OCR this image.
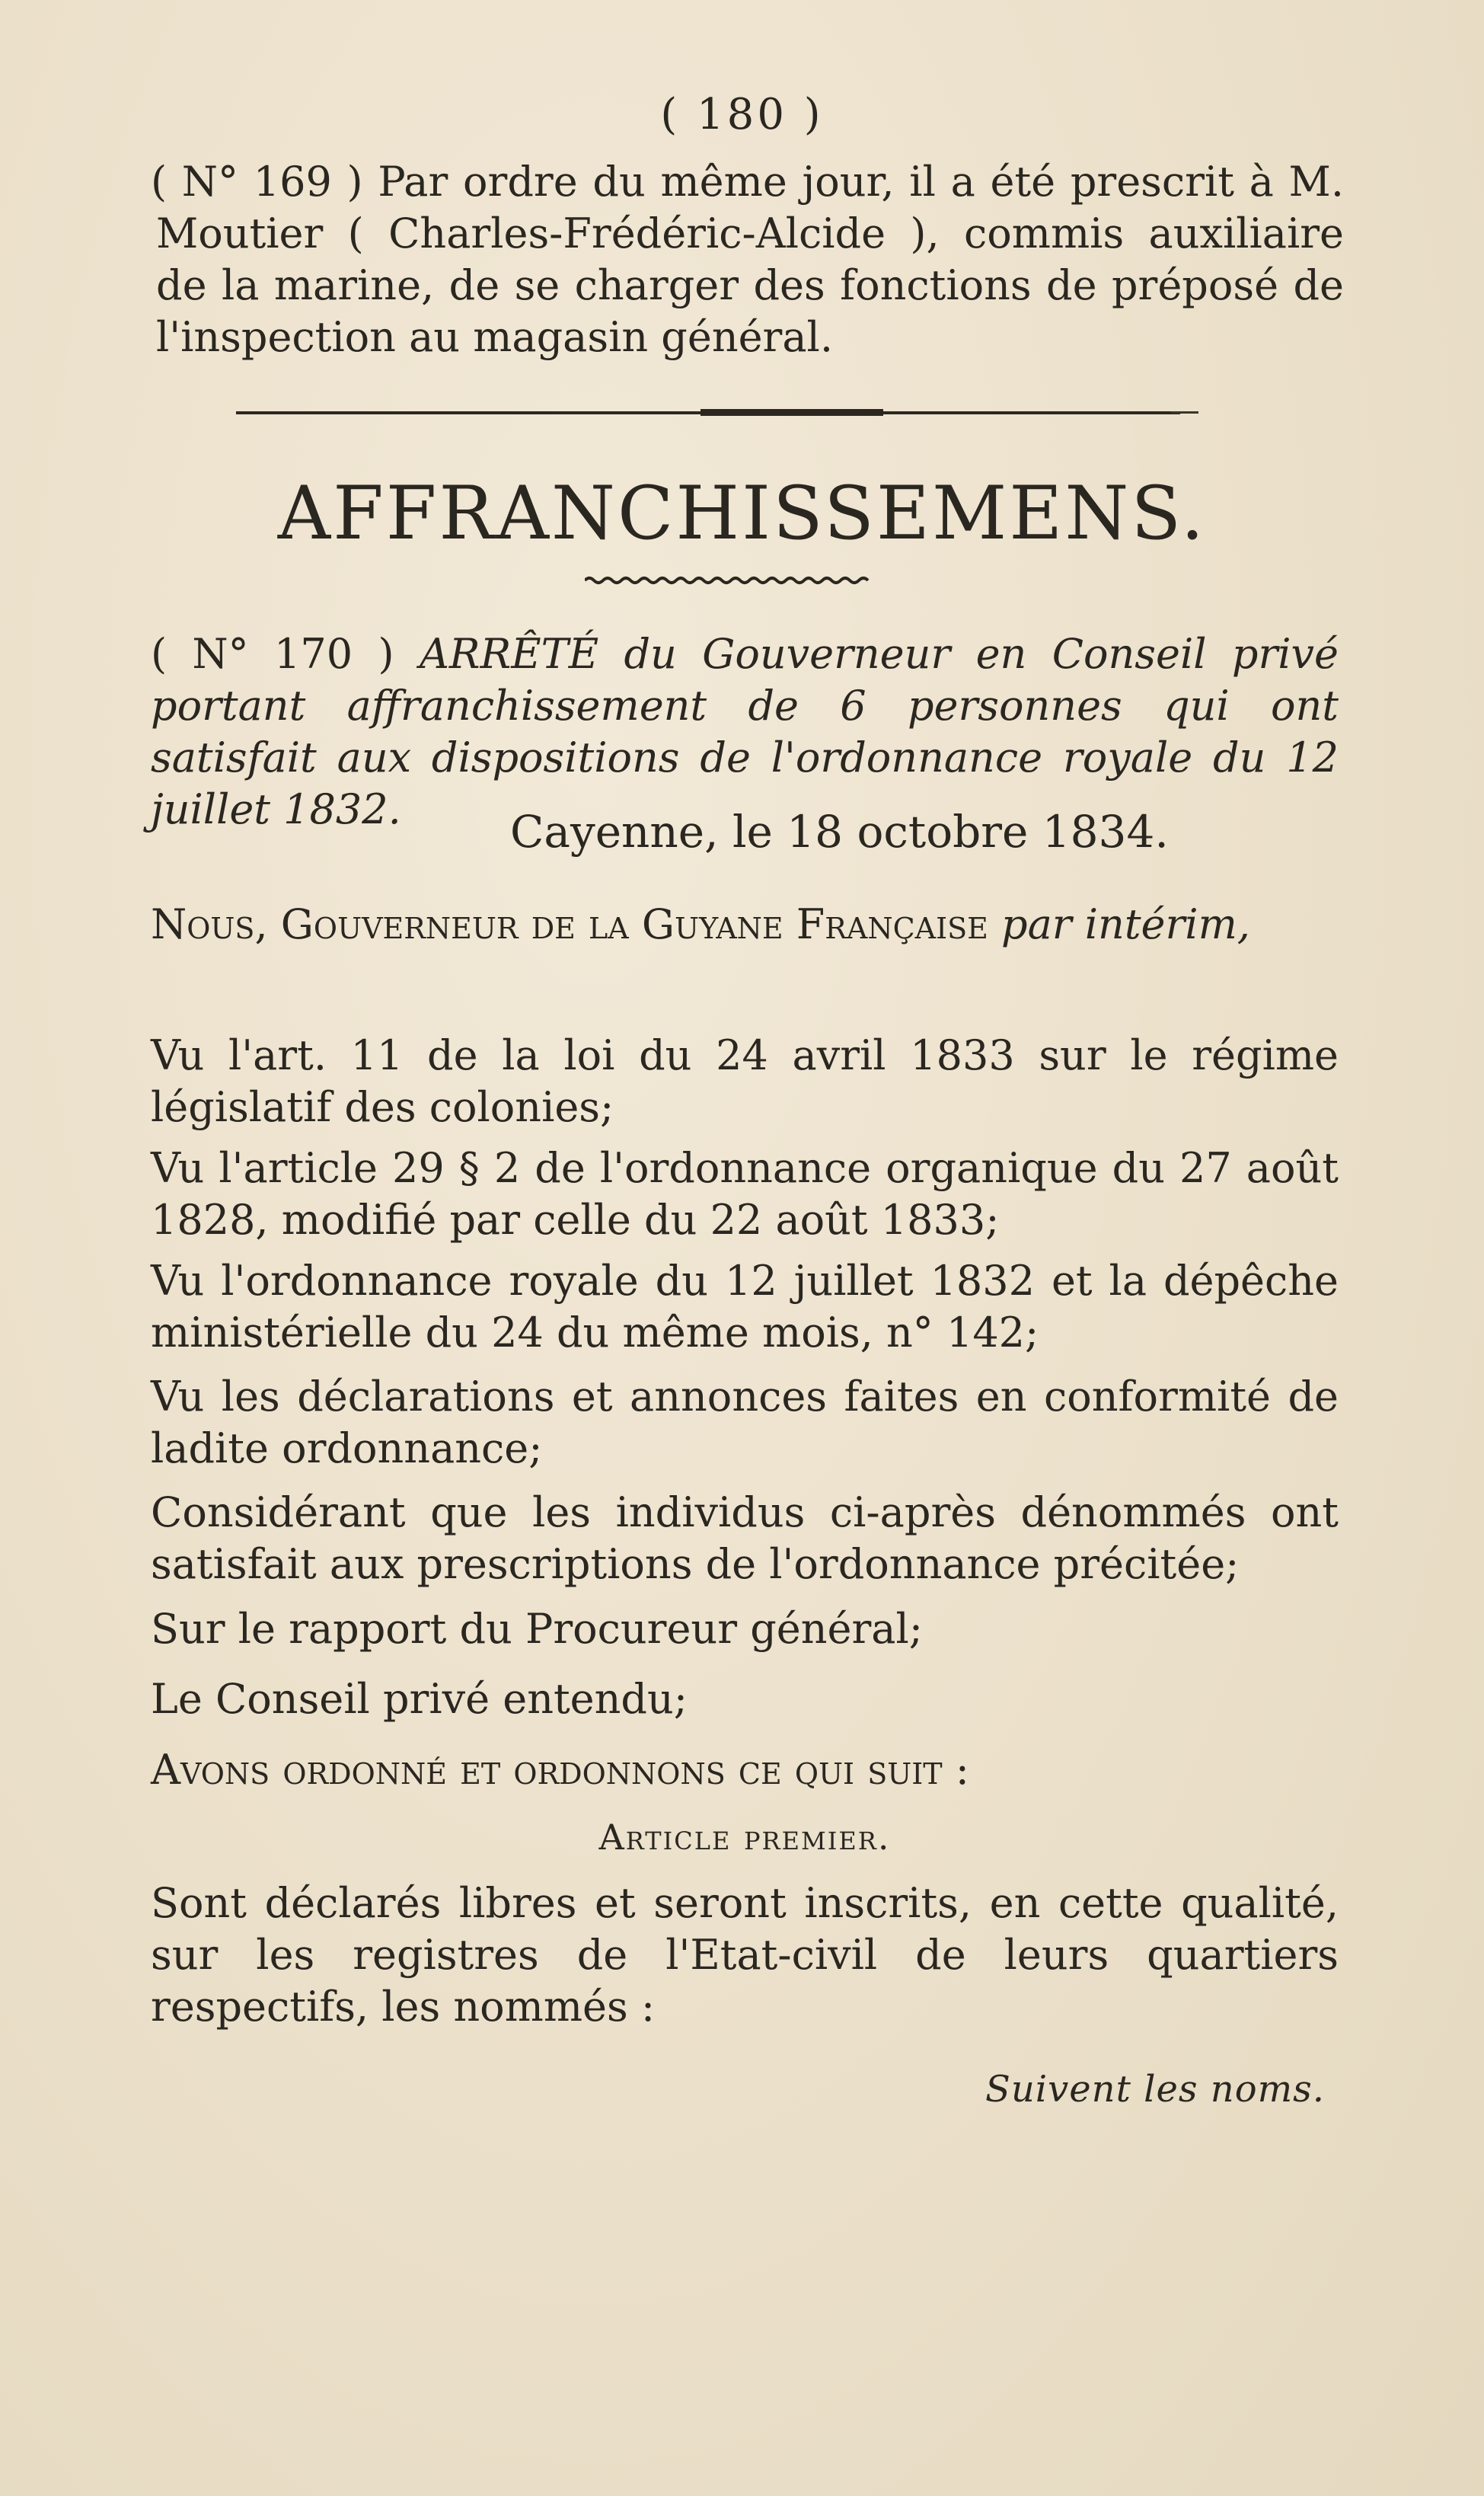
( 180 )

( N° 169 ) Par ordre du même jour, il a été prescrit à M. Moutier ( Charles-Frédéric-Alcide ), commis auxiliaire de la marine, de se charger des fonctions de préposé de l'inspection au magasin général.

AFFRANCHISSEMENS.

( N° 170 ) ARRÊTÉ du Gouverneur en Conseil privé portant affranchissement de 6 personnes qui ont satisfait aux dispositions de l'ordonnance royale du 12 juillet 1832.	Cayenne, le 18 octobre 1834.

Nous, Gouverneur de la Guyane Française par intérim,

Vu l'art. 11 de la loi du 24 avril 1833 sur le régime législatif des colonies;

Vu l'article 29 § 2 de l'ordonnance organique du 27 août 1828, modifié par celle du 22 août 1833;

Vu l'ordonnance royale du 12 juillet 1832 et la dépêche ministérielle du 24 du même mois, n° 142;

Vu les déclarations et annonces faites en conformité de ladite ordonnance;

Considérant que les individus ci-après dénommés ont satisfait aux prescriptions de l'ordonnance précitée;

Sur le rapport du Procureur général;

Le Conseil privé entendu;

Avons ordonné et ordonnons ce qui suit :

Article premier.

Sont déclarés libres et seront inscrits, en cette qualité, sur les registres de l'Etat-civil de leurs quartiers respectifs, les nommés :

Suivent les noms.
